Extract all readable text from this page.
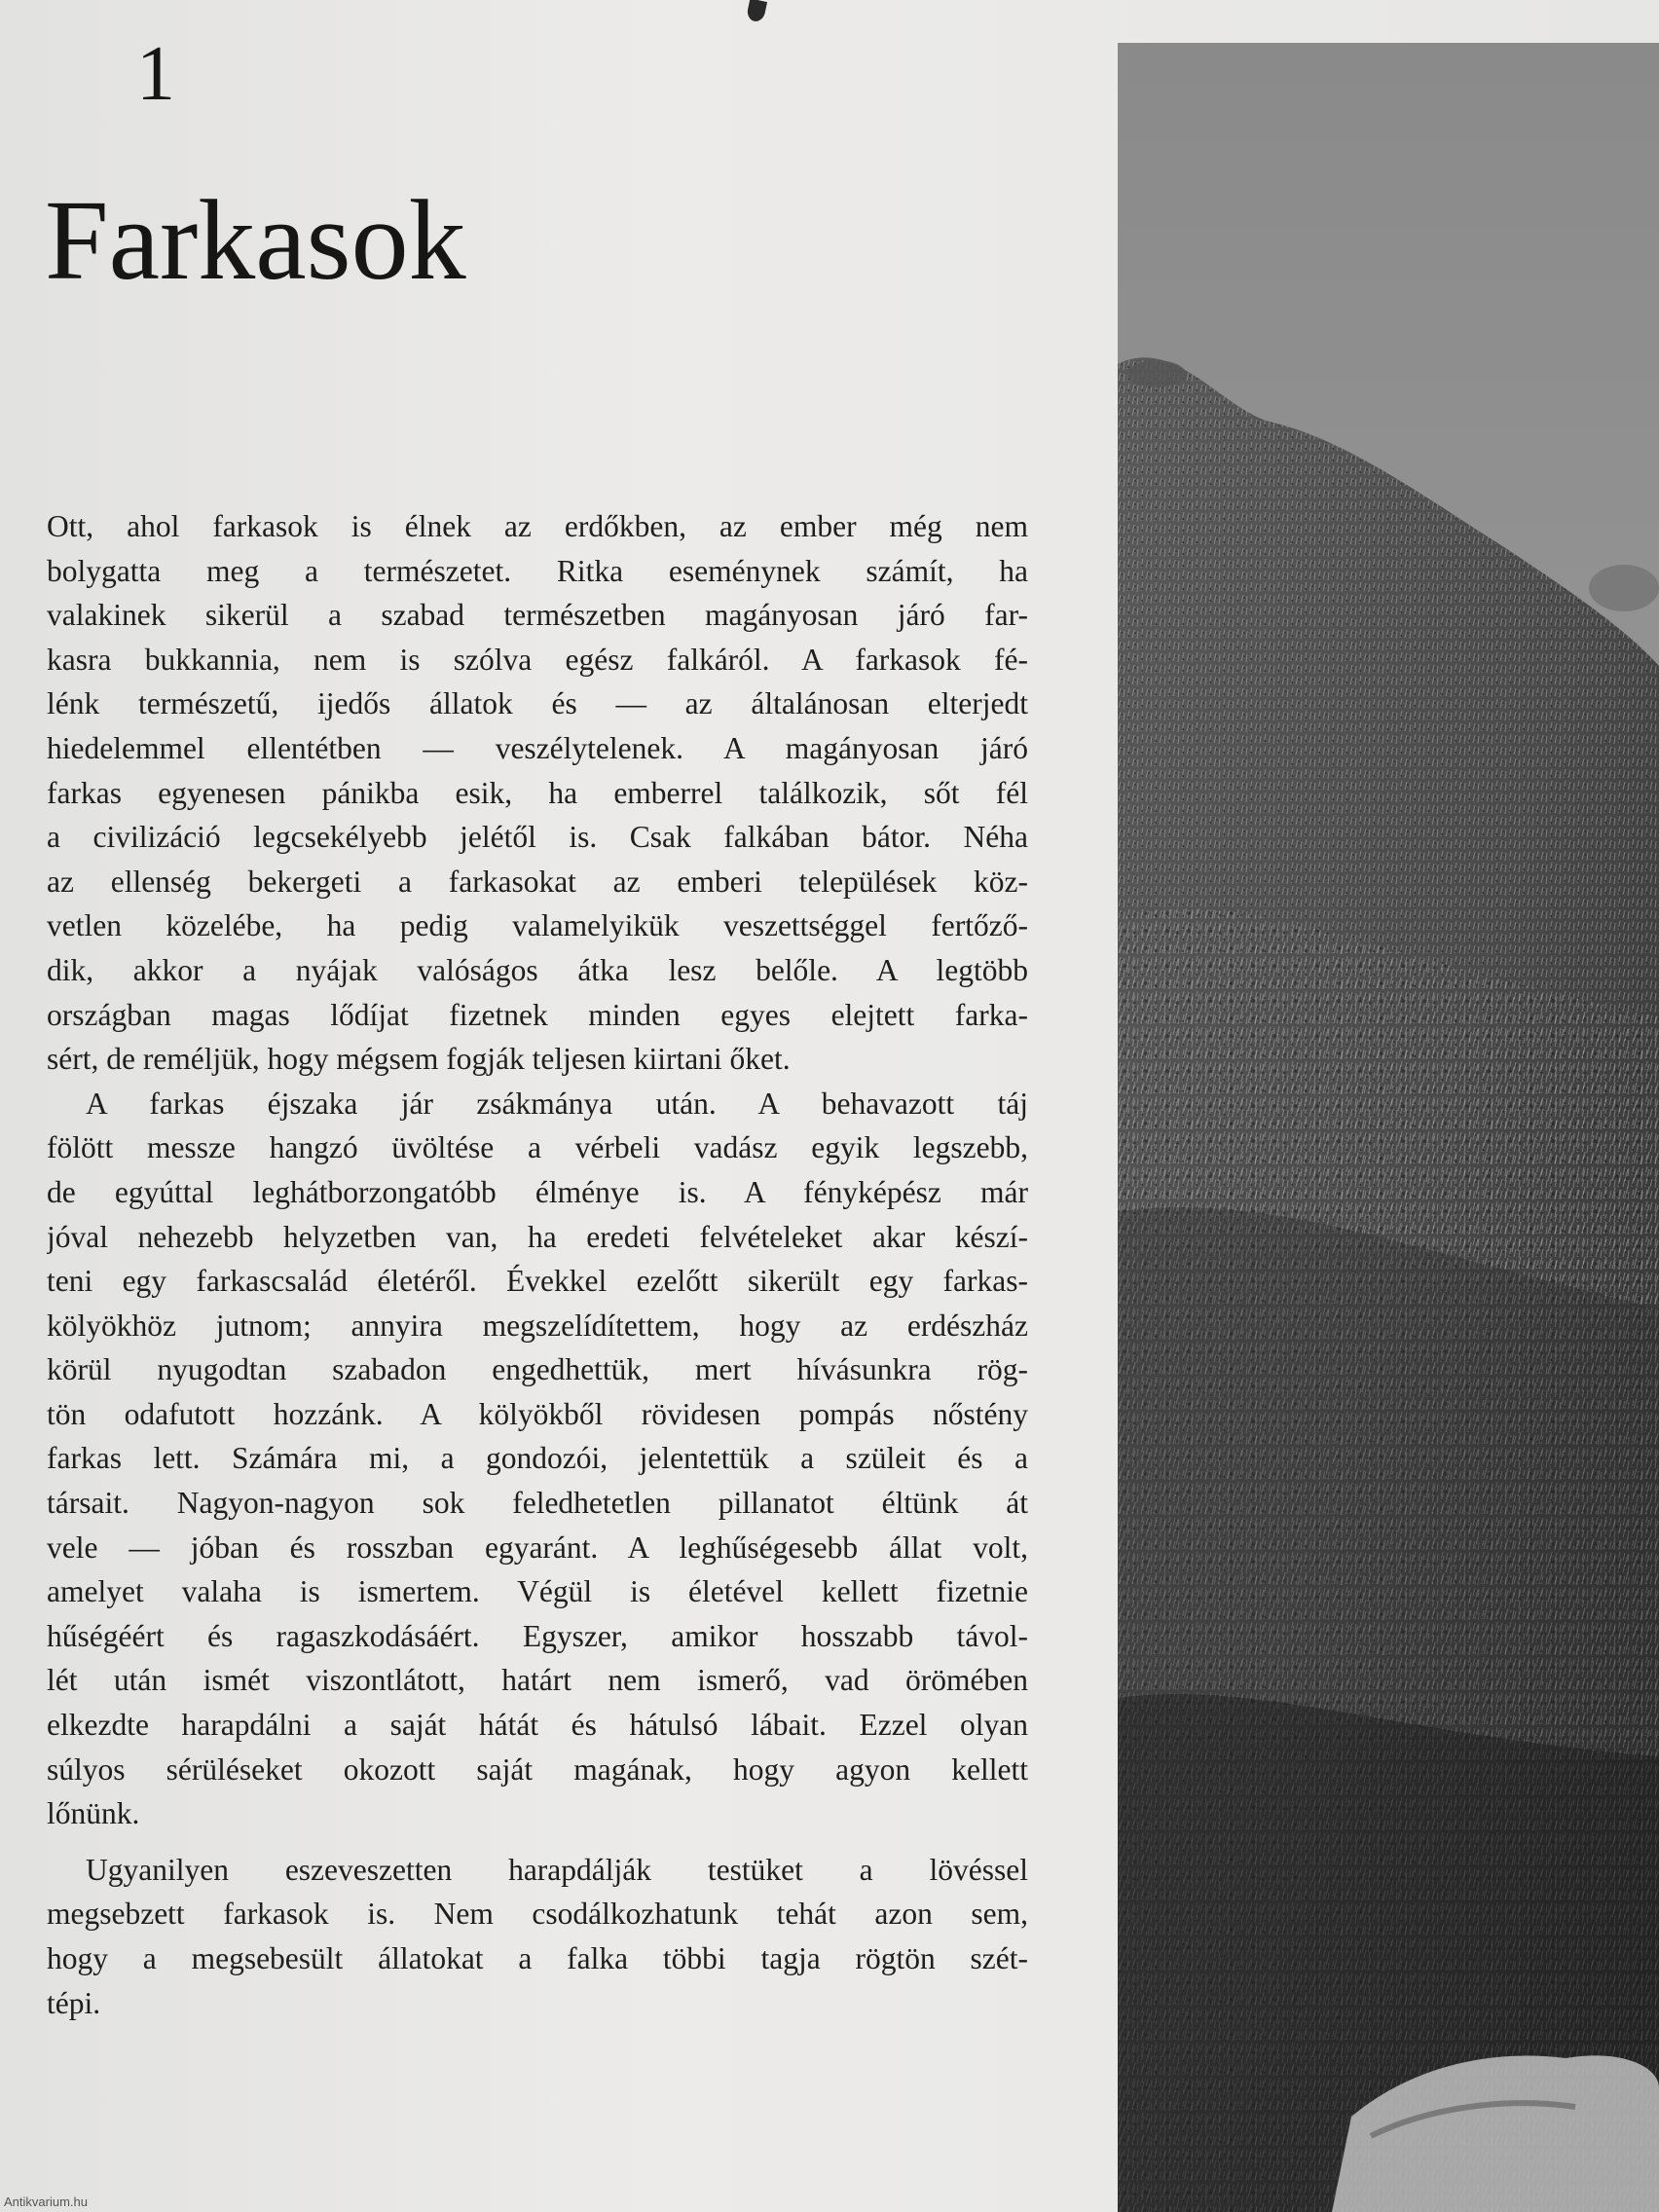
1
Farkasok
Ott, ahol farkasok is élnek az erdőkben, az ember még nem
bolygatta meg a természetet. Ritka eseménynek számít, ha
valakinek sikerül a szabad természetben magányosan járó far-
kasra bukkannia, nem is szólva egész falkáról. A farkasok fé-
lénk természetű, ijedős állatok és — az általánosan elterjedt
hiedelemmel ellentétben — veszélytelenek. A magányosan járó
farkas egyenesen pánikba esik, ha emberrel találkozik, sőt fél
a civilizáció legcsekélyebb jelétől is. Csak falkában bátor. Néha
az ellenség bekergeti a farkasokat az emberi települések köz-
vetlen közelébe, ha pedig valamelyikük veszettséggel fertőző-
dik, akkor a nyájak valóságos átka lesz belőle. A legtöbb
országban magas lődíjat fizetnek minden egyes elejtett farka-
sért, de reméljük, hogy mégsem fogják teljesen kiirtani őket.
A farkas éjszaka jár zsákmánya után. A behavazott táj
fölött messze hangzó üvöltése a vérbeli vadász egyik legszebb,
de egyúttal leghátborzongatóbb élménye is. A fényképész már
jóval nehezebb helyzetben van, ha eredeti felvételeket akar készí-
teni egy farkascsalád életéről. Évekkel ezelőtt sikerült egy farkas-
kölyökhöz jutnom; annyira megszelídítettem, hogy az erdészház
körül nyugodtan szabadon engedhettük, mert hívásunkra rög-
tön odafutott hozzánk. A kölyökből rövidesen pompás nőstény
farkas lett. Számára mi, a gondozói, jelentettük a szüleit és a
társait. Nagyon-nagyon sok feledhetetlen pillanatot éltünk át
vele — jóban és rosszban egyaránt. A leghűségesebb állat volt,
amelyet valaha is ismertem. Végül is életével kellett fizetnie
hűségéért és ragaszkodásáért. Egyszer, amikor hosszabb távol-
lét után ismét viszontlátott, határt nem ismerő, vad örömében
elkezdte harapdálni a saját hátát és hátulsó lábait. Ezzel olyan
súlyos sérüléseket okozott saját magának, hogy agyon kellett
lőnünk.
Ugyanilyen eszeveszetten harapdálják testüket a lövéssel
megsebzett farkasok is. Nem csodálkozhatunk tehát azon sem,
hogy a megsebesült állatokat a falka többi tagja rögtön szét-
tépi.
Antikvarium.hu
